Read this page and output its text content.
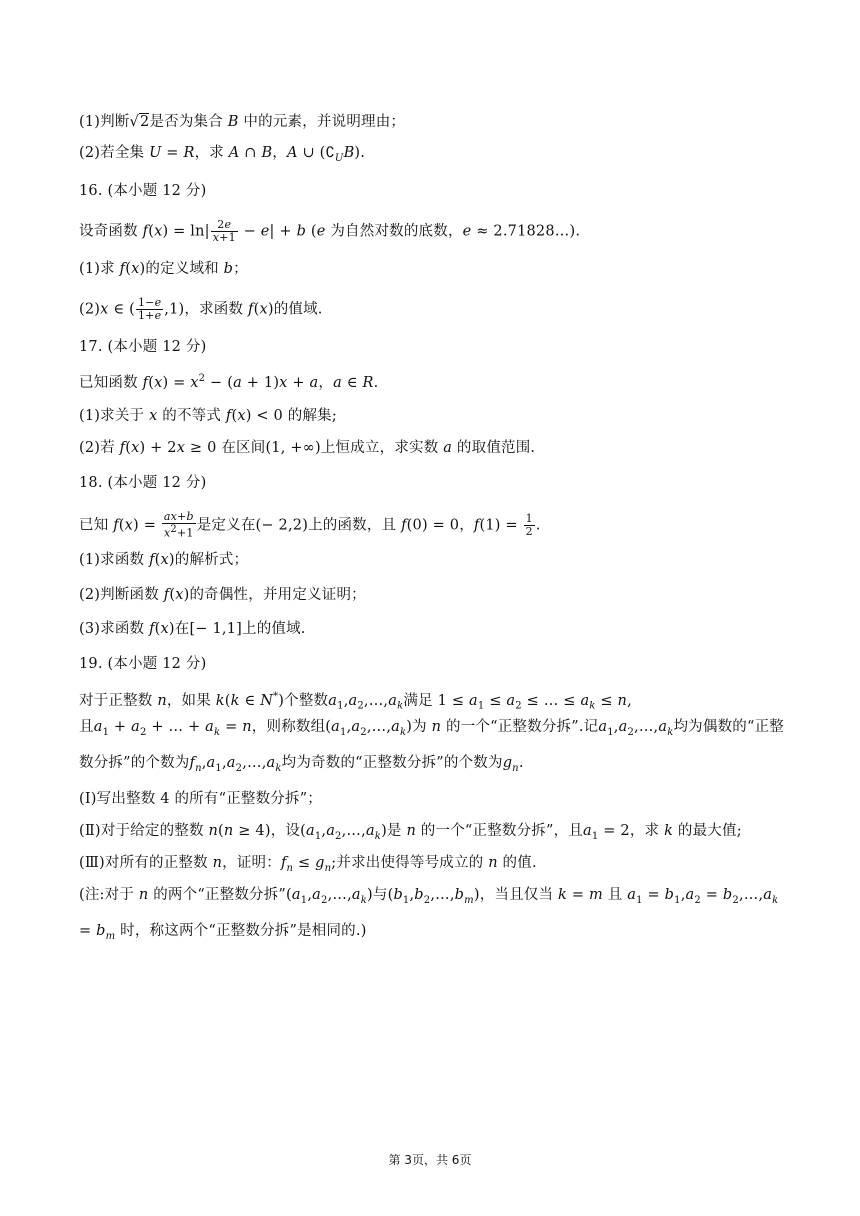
(1)判断√2是否为集合 B 中的元素，并说明理由；
(2)若全集 U = R，求 A ∩ B，A ∪ $(∁_UB)$.
16. (本小题 12 分)
设奇函数 $f(x) = \ln| \frac{2e}{x+1} - e| + b$ (e 为自然对数的底数，e ≈ 2.71828…).
(1)求 f(x)的定义域和 b；
(2)x ∈ ( $\frac{1-e}{1+e} ,1$)，求函数 f(x)的值域.
17. (本小题 12 分)
已知函数 $f(x) = x^2 - (a + 1)x + a$，a ∈ R.
(1)求关于 x 的不等式 f(x) < 0 的解集;
(2)若 f(x) + 2x ≥ 0 在区间(1, +∞)上恒成立，求实数 a 的取值范围.
18. (本小题 12 分)
已知 $f(x) = \frac{ax+b}{x^2+1}$ 是定义在(− 2,2)上的函数，且 f(0) = 0，$f(1) = \frac{1}{2}$ .
(1)求函数 f(x)的解析式；
(2)判断函数 f(x)的奇偶性，并用定义证明；
(3)求函数 f(x)在[− 1,1]上的值域.
19. (本小题 12 分)
对于正整数 n，如果 k(k ∈ N*)个整数$a_1,a_2,\dots,a_k$满足 $1 \le a_1 \le a_2$ ≤ … ≤ $a_k \le n$,
且$a_1 + a_2$ + … + $a_k = n$，则称数组$(a_1,a_2,\dots,a_k)$为 n 的一个“正整数分拆”.记$a_1,a_2,\dots,a_k$均为偶数的“正整数分拆”的个数为$f_n,a_1,a_2,\dots,a_k$均为奇数的“正整数分拆”的个数为$g_n$.
(Ⅰ)写出整数 4 的所有“正整数分拆”；
(Ⅱ)对于给定的整数 n(n ≥ 4)，设$(a_1,a_2,\dots,a_k)$是 n 的一个“正整数分拆”，且$a_1 = 2$，求 k 的最大值;
(Ⅲ)对所有的正整数 n，证明：$f_n \le g_n$;并求出使得等号成立的 n 的值.
(注:对于 n 的两个“正整数分拆$”(a_1,a_2,\dots,a_k)$与$(b_1,b_2,\dots,b_m)$，当且仅当 k = m 且 $a_1 = b_1,a_2$ = $b_2,\dots,a_k = b_m$ 时，称这两个“正整数分拆”是相同的.)
第 3页，共 6页
